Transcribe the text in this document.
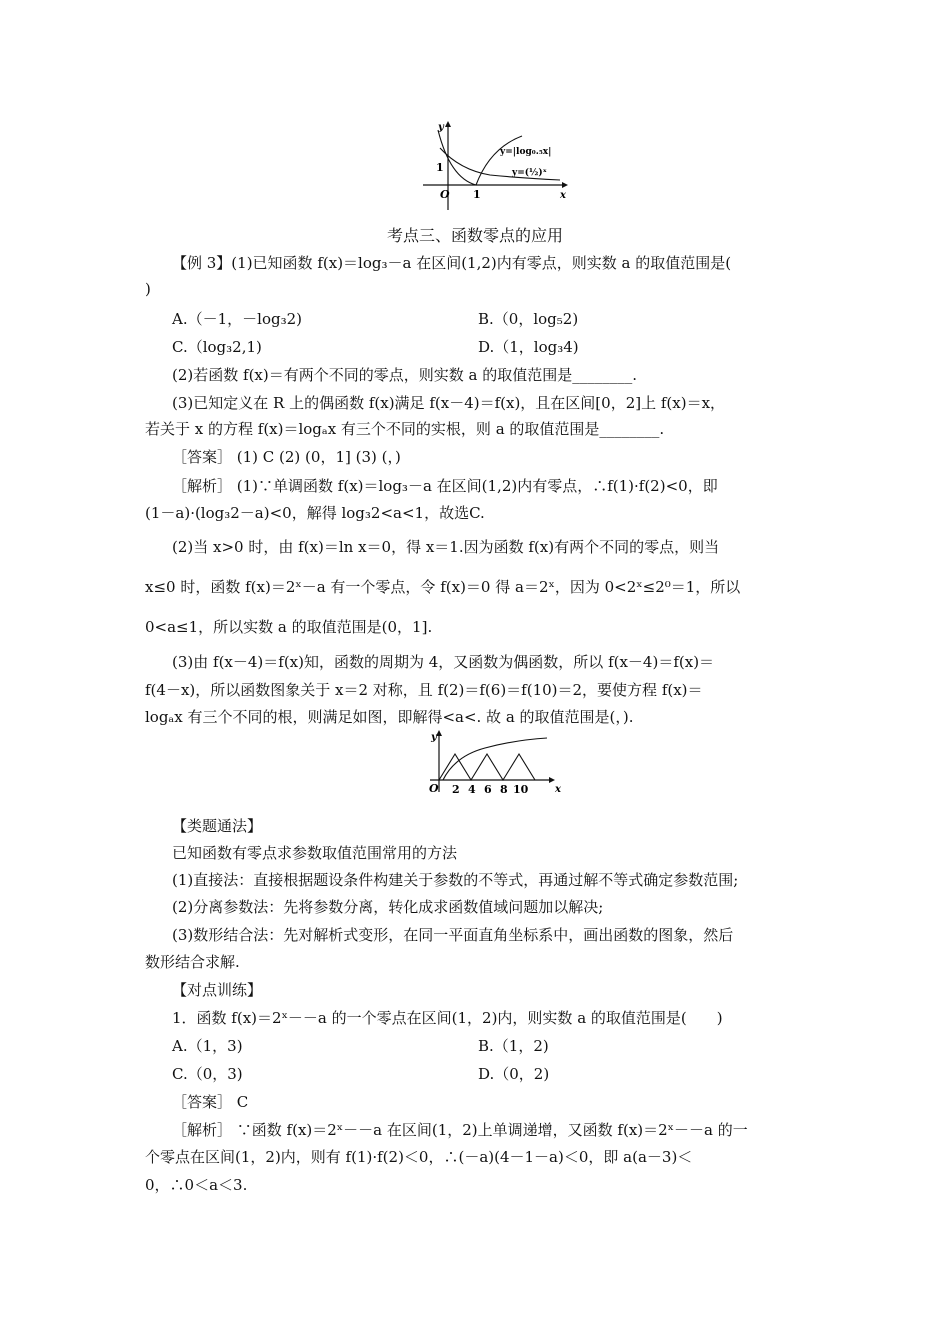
y
x
O
1
1
y=|log₀.₅x|
y=(½)ˣ
考点三、函数零点的应用
【例 3】(1)已知函数 f(x)＝log₃－a 在区间(1,2)内有零点，则实数 a 的取值范围是(
)
A.（－1，－log₃2)	B.（0，log₅2)
C.（log₃2,1)	D.（1，log₃4)
(2)若函数 f(x)＝有两个不同的零点，则实数 a 的取值范围是________.
(3)已知定义在 R 上的偶函数 f(x)满足 f(x－4)＝f(x)，且在区间[0，2]上 f(x)＝x，
若关于 x 的方程 f(x)＝logₐx 有三个不同的实根，则 a 的取值范围是________.
［答案］ (1) C (2) (0，1] (3) (，)
［解析］ (1)∵单调函数 f(x)＝log₃－a 在区间(1,2)内有零点，∴f(1)·f(2)<0，即
(1－a)·(log₃2－a)<0，解得 log₃2<a<1，故选C.
(2)当 x>0 时，由 f(x)＝ln x＝0，得 x＝1.因为函数 f(x)有两个不同的零点，则当
x≤0 时，函数 f(x)＝2ˣ－a 有一个零点，令 f(x)＝0 得 a＝2ˣ，因为 0<2ˣ≤2⁰＝1，所以
0<a≤1，所以实数 a 的取值范围是(0，1].
(3)由 f(x－4)＝f(x)知，函数的周期为 4，又函数为偶函数，所以 f(x－4)＝f(x)＝
f(4－x)，所以函数图象关于 x＝2 对称，且 f(2)＝f(6)＝f(10)＝2，要使方程 f(x)＝
logₐx 有三个不同的根，则满足如图，即解得<a<. 故 a 的取值范围是(，).
y
x
O 2 4 6 8 10
【类题通法】
已知函数有零点求参数取值范围常用的方法
(1)直接法：直接根据题设条件构建关于参数的不等式，再通过解不等式确定参数范围;
(2)分离参数法：先将参数分离，转化成求函数值域问题加以解决;
(3)数形结合法：先对解析式变形，在同一平面直角坐标系中，画出函数的图象，然后
数形结合求解.
【对点训练】
1．函数 f(x)＝2ˣ－－a 的一个零点在区间(1，2)内，则实数 a 的取值范围是(　　)
A.（1，3)	B.（1，2)
C.（0，3)	D.（0，2)
［答案］ C
［解析］ ∵函数 f(x)＝2ˣ－－a 在区间(1，2)上单调递增，又函数 f(x)＝2ˣ－－a 的一
个零点在区间(1，2)内，则有 f(1)·f(2)＜0，∴(－a)(4－1－a)＜0，即 a(a－3)＜
0，∴0＜a＜3.
